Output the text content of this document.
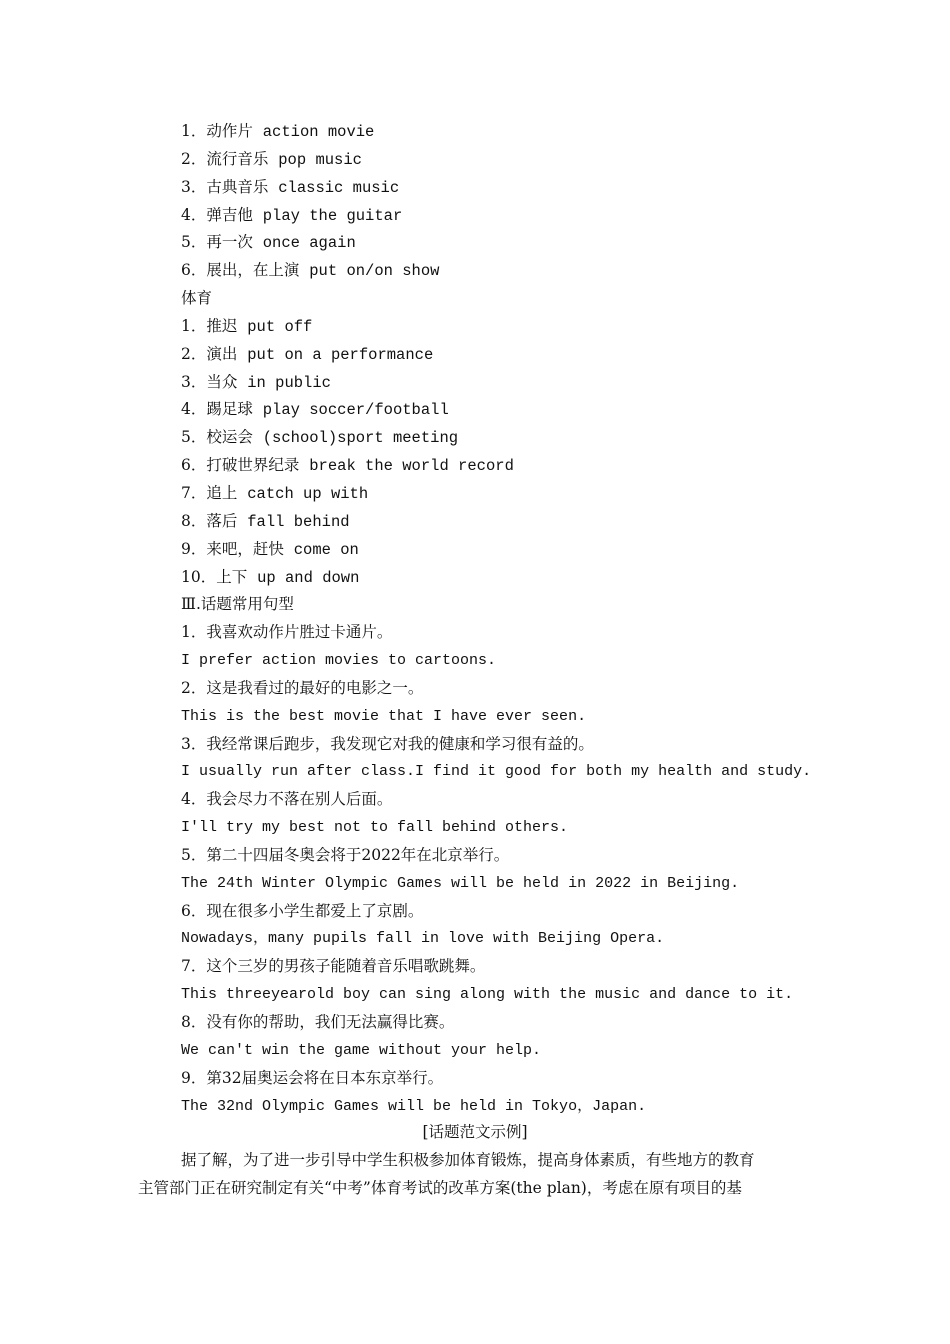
1．动作片 action movie
2．流行音乐 pop music
3．古典音乐 classic music
4．弹吉他 play the guitar
5．再一次 once again
6．展出，在上演 put on/on show
体育
1．推迟 put off
2．演出 put on a performance
3．当众 in public
4．踢足球 play soccer/football
5．校运会 (school)sport meeting
6．打破世界纪录 break the world record
7．追上 catch up with
8．落后 fall behind
9．来吧，赶快 come on
10．上下 up and down
Ⅲ.话题常用句型
1．我喜欢动作片胜过卡通片。
I prefer action movies to cartoons.
2．这是我看过的最好的电影之一。
This is the best movie that I have ever seen.
3．我经常课后跑步，我发现它对我的健康和学习很有益的。
I usually run after class.I find it good for both my health and study.
4．我会尽力不落在别人后面。
I'll try my best not to fall behind others.
5．第二十四届冬奥会将于2022年在北京举行。
The 24th Winter Olympic Games will be held in 2022 in Beijing.
6．现在很多小学生都爱上了京剧。
Nowadays，many pupils fall in love with Beijing Opera.
7．这个三岁的男孩子能随着音乐唱歌跳舞。
This threeyearold boy can sing along with the music and dance to it.
8．没有你的帮助，我们无法赢得比赛。
We can't win the game without your help.
9．第32届奥运会将在日本东京举行。
The 32nd Olympic Games will be held in Tokyo，Japan.
[话题范文示例]

据了解，为了进一步引导中学生积极参加体育锻炼，提高身体素质，有些地方的教育

主管部门正在研究制定有关“中考”体育考试的改革方案(the plan)，考虑在原有项目的基
